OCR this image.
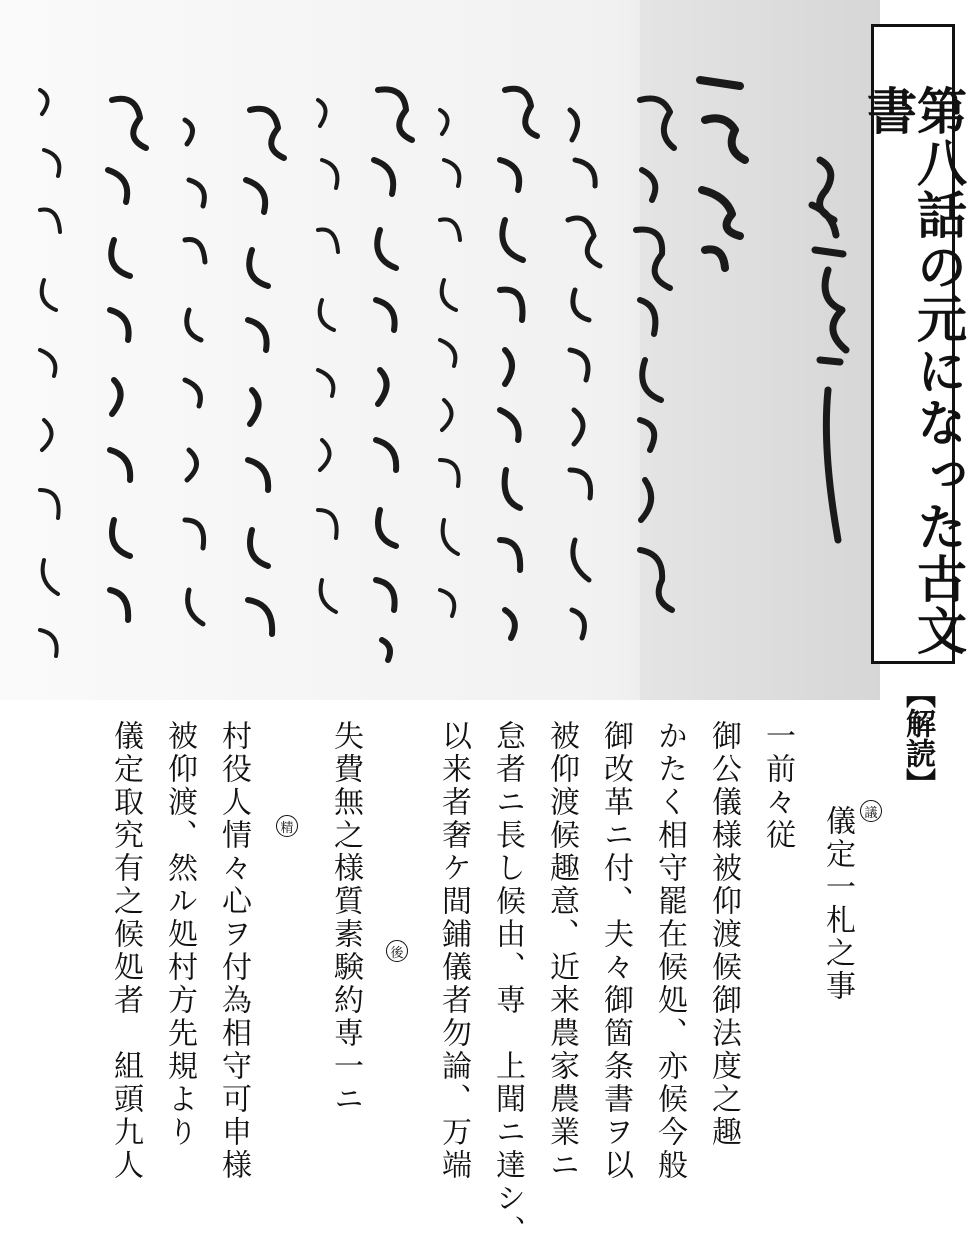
第八話の元になった古文書
【解読】
儀定一札之事 議
一前々従
御公儀様被仰渡候御法度之趣
かたく相守罷在候処、亦候今般
御改革ニ付、夫々御箇条書ヲ以
被仰渡候趣意、近来農家農業ニ
怠者ニ長し候由、専　上聞ニ達シ、
以来者奢ケ間鋪儀者勿論、万端
後
失費無之様質素験約専一ニ
精
村役人情々心ヲ付為相守可申様
被仰渡、然ル処村方先規より
儀定取究有之候処者　組頭九人
